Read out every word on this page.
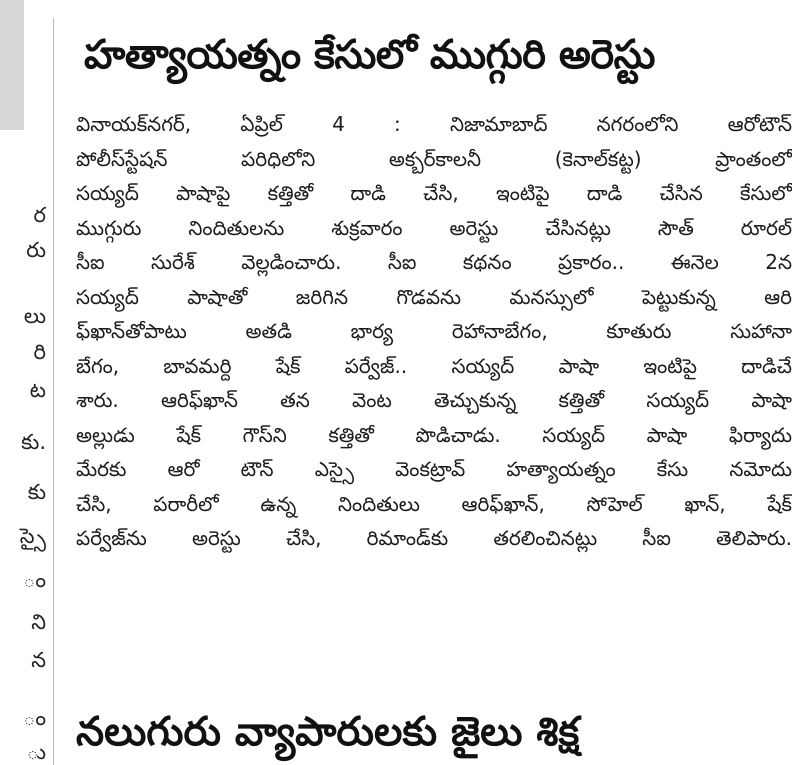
ర
రు
లు
రి
ట
కు.
కు
స్సై
ం
ని
న
ం
ు
హత్యాయత్నం కేసులో ముగ్గురి అరెస్టు
వినాయక్‌నగర్, ఏప్రిల్ 4 : నిజామాబాద్ నగరంలోని ఆరోటౌన్
పోలీస్‌స్టేషన్ పరిధిలోని అక్బర్‌కాలనీ (కెనాల్‌కట్ట) ప్రాంతంలో
సయ్యద్ పాషాపై కత్తితో దాడి చేసి, ఇంటిపై దాడి చేసిన కేసులో
ముగ్గురు నిందితులను శుక్రవారం అరెస్టు చేసినట్లు సౌత్ రూరల్
సీఐ సురేశ్ వెల్లడించారు. సీఐ కథనం ప్రకారం.. ఈనెల 2న
సయ్యద్ పాషాతో జరిగిన గొడవను మనస్సులో పెట్టుకున్న ఆరి
ఫ్‌ఖాన్‌తోపాటు అతడి భార్య రెహానాబేగం, కూతురు సుహానా
బేగం, బావమర్ది షేక్ పర్వేజ్.. సయ్యద్ పాషా ఇంటిపై దాడిచే
శారు. ఆరిఫ్‌ఖాన్ తన వెంట తెచ్చుకున్న కత్తితో సయ్యద్ పాషా
అల్లుడు షేక్ గౌస్‌ని కత్తితో పొడిచాడు. సయ్యద్ పాషా ఫిర్యాదు
మేరకు ఆరో టౌన్ ఎస్సై వెంకట్రావ్ హత్యాయత్నం కేసు నమోదు
చేసి, పరారీలో ఉన్న నిందితులు ఆరిఫ్‌ఖాన్, సోహెల్ ఖాన్, షేక్
పర్వేజ్‌ను అరెస్టు చేసి, రిమాండ్‌కు తరలించినట్లు సీఐ తెలిపారు.
నలుగురు వ్యాపారులకు జైలు శిక్ష
